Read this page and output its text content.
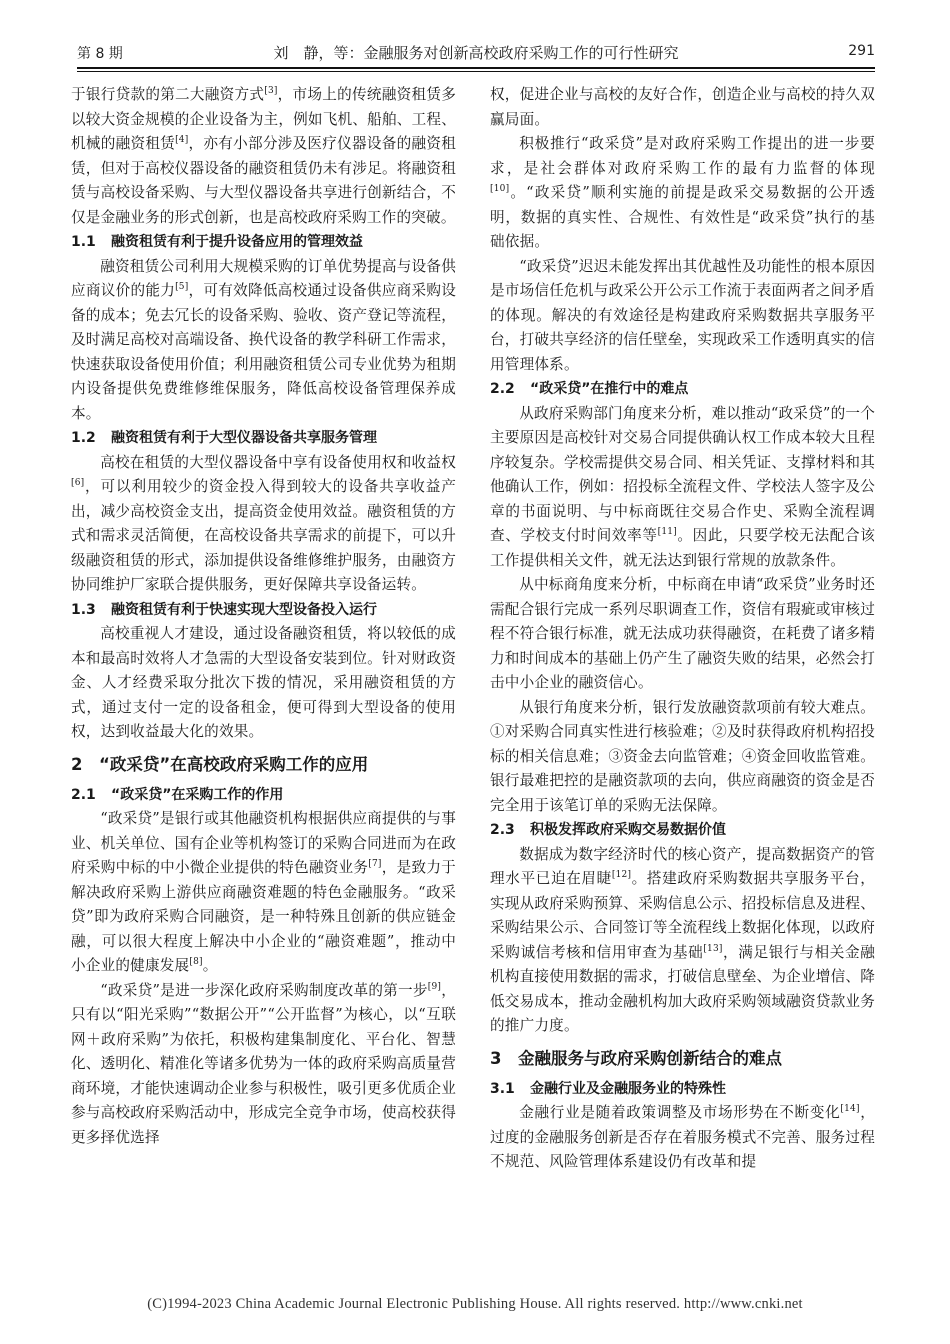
第 8 期	刘　静，等：金融服务对创新高校政府采购工作的可行性研究	291

于银行贷款的第二大融资方式[3]，市场上的传统融资租赁多以较大资金规模的企业设备为主，例如飞机、船舶、工程、机械的融资租赁[4]，亦有小部分涉及医疗仪器设备的融资租赁，但对于高校仪器设备的融资租赁仍未有涉足。将融资租赁与高校设备采购、与大型仪器设备共享进行创新结合，不仅是金融业务的形式创新，也是高校政府采购工作的突破。

1.1 融资租赁有利于提升设备应用的管理效益

融资租赁公司利用大规模采购的订单优势提高与设备供应商议价的能力[5]，可有效降低高校通过设备供应商采购设备的成本；免去冗长的设备采购、验收、资产登记等流程，及时满足高校对高端设备、换代设备的教学科研工作需求，快速获取设备使用价值；利用融资租赁公司专业优势为租期内设备提供免费维修维保服务，降低高校设备管理保养成本。

1.2 融资租赁有利于大型仪器设备共享服务管理

高校在租赁的大型仪器设备中享有设备使用权和收益权[6]，可以利用较少的资金投入得到较大的设备共享收益产出，减少高校资金支出，提高资金使用效益。融资租赁的方式和需求灵活简便，在高校设备共享需求的前提下，可以升级融资租赁的形式，添加提供设备维修维护服务，由融资方协同维护厂家联合提供服务，更好保障共享设备运转。

1.3 融资租赁有利于快速实现大型设备投入运行

高校重视人才建设，通过设备融资租赁，将以较低的成本和最高时效将人才急需的大型设备安装到位。针对财政资金、人才经费采取分批次下拨的情况，采用融资租赁的方式，通过支付一定的设备租金，便可得到大型设备的使用权，达到收益最大化的效果。

2 “政采贷”在高校政府采购工作的应用
2.1 “政采贷”在采购工作的作用

“政采贷”是银行或其他融资机构根据供应商提供的与事业、机关单位、国有企业等机构签订的采购合同进而为在政府采购中标的中小微企业提供的特色融资业务[7]，是致力于解决政府采购上游供应商融资难题的特色金融服务。“政采贷”即为政府采购合同融资，是一种特殊且创新的供应链金融，可以很大程度上解决中小企业的“融资难题”，推动中小企业的健康发展[8]。

“政采贷”是进一步深化政府采购制度改革的第一步[9]，只有以“阳光采购”“数据公开”“公开监督”为核心，以“互联网＋政府采购”为依托，积极构建集制度化、平台化、智慧化、透明化、精准化等诸多优势为一体的政府采购高质量营商环境，才能快速调动企业参与积极性，吸引更多优质企业参与高校政府采购活动中，形成完全竞争市场，使高校获得更多择优选择

权，促进企业与高校的友好合作，创造企业与高校的持久双赢局面。

积极推行“政采贷”是对政府采购工作提出的进一步要求，是社会群体对政府采购工作的最有力监督的体现[10]。“政采贷”顺利实施的前提是政采交易数据的公开透明，数据的真实性、合规性、有效性是“政采贷”执行的基础依据。

“政采贷”迟迟未能发挥出其优越性及功能性的根本原因是市场信任危机与政采公开公示工作流于表面两者之间矛盾的体现。解决的有效途径是构建政府采购数据共享服务平台，打破共享经济的信任壁垒，实现政采工作透明真实的信用管理体系。

2.2 “政采贷”在推行中的难点

从政府采购部门角度来分析，难以推动“政采贷”的一个主要原因是高校针对交易合同提供确认权工作成本较大且程序较复杂。学校需提供交易合同、相关凭证、支撑材料和其他确认工作，例如：招投标全流程文件、学校法人签字及公章的书面说明、与中标商既往交易合作史、采购全流程调查、学校支付时间效率等[11]。因此，只要学校无法配合该工作提供相关文件，就无法达到银行常规的放款条件。

从中标商角度来分析，中标商在申请“政采贷”业务时还需配合银行完成一系列尽职调查工作，资信有瑕疵或审核过程不符合银行标准，就无法成功获得融资，在耗费了诸多精力和时间成本的基础上仍产生了融资失败的结果，必然会打击中小企业的融资信心。

从银行角度来分析，银行发放融资款项前有较大难点。①对采购合同真实性进行核验难；②及时获得政府机构招投标的相关信息难；③资金去向监管难；④资金回收监管难。银行最难把控的是融资款项的去向，供应商融资的资金是否完全用于该笔订单的采购无法保障。

2.3 积极发挥政府采购交易数据价值

数据成为数字经济时代的核心资产，提高数据资产的管理水平已迫在眉睫[12]。搭建政府采购数据共享服务平台，实现从政府采购预算、采购信息公示、招投标信息及进程、采购结果公示、合同签订等全流程线上数据化体现，以政府采购诚信考核和信用审查为基础[13]，满足银行与相关金融机构直接使用数据的需求，打破信息壁垒、为企业增信、降低交易成本，推动金融机构加大政府采购领域融资贷款业务的推广力度。

3 金融服务与政府采购创新结合的难点
3.1 金融行业及金融服务业的特殊性

金融行业是随着政策调整及市场形势在不断变化[14]，过度的金融服务创新是否存在着服务模式不完善、服务过程不规范、风险管理体系建设仍有改革和提

(C)1994-2023 China Academic Journal Electronic Publishing House. All rights reserved. http://www.cnki.net
